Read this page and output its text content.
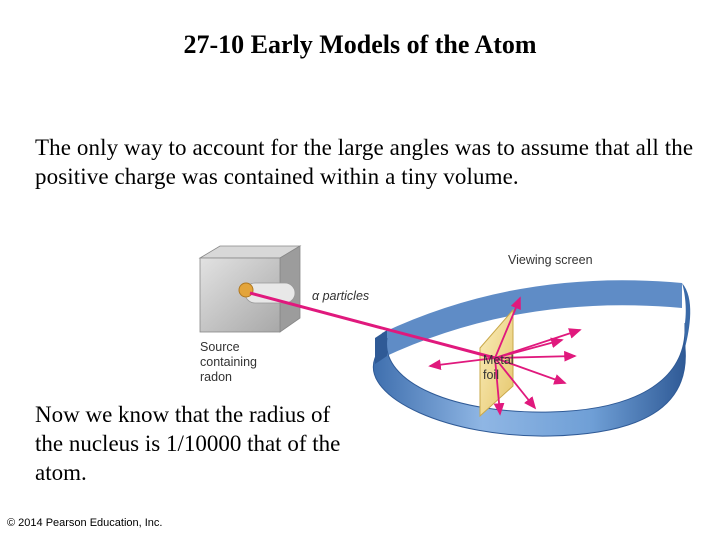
27-10 Early Models of the Atom
The only way to account for the large angles was to assume that all the positive charge was contained within a tiny volume.
Viewing screen
α particles
Source
containing
radon
Metal
foil
Now we know that the radius of the nucleus is 1/10000 that of the atom.
© 2014 Pearson Education, Inc.
